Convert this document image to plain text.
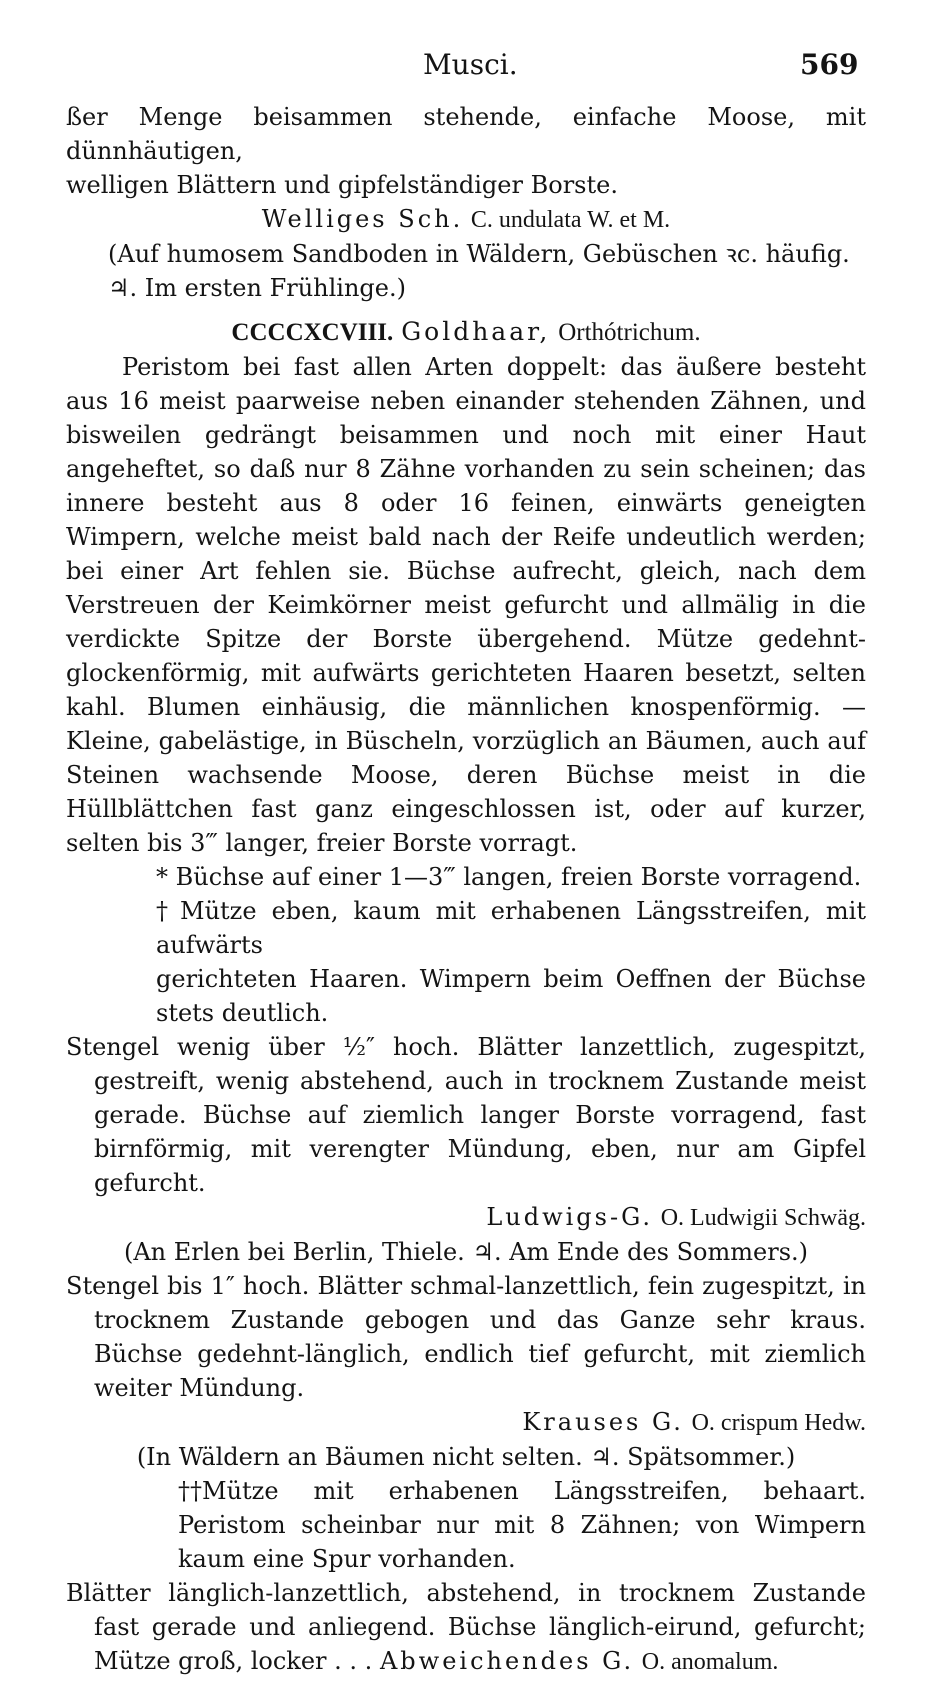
Musci.	569

ßer Menge beisammen stehende, einfache Moose, mit dünnhäutigen,

welligen Blättern und gipfelständiger Borste.

Welliges Sch. C. undulata W. et M.

(Auf humosem Sandboden in Wäldern, Gebüschen ꝛc. häufig.

♃. Im ersten Frühlinge.)

CCCCXCVIII. Goldhaar, Orthótrichum.

Peristom bei fast allen Arten doppelt: das äußere besteht aus 16 meist paarweise neben einander stehenden Zähnen, und bisweilen gedrängt beisammen und noch mit einer Haut angeheftet, so daß nur 8 Zähne vorhanden zu sein scheinen; das innere besteht aus 8 oder 16 feinen, einwärts geneigten Wimpern, welche meist bald nach der Reife undeutlich werden; bei einer Art fehlen sie. Büchse aufrecht, gleich, nach dem Verstreuen der Keimkörner meist gefurcht und allmälig in die verdickte Spitze der Borste übergehend. Mütze gedehnt-glockenförmig, mit aufwärts gerichteten Haaren besetzt, selten kahl. Blumen einhäusig, die männlichen knospenförmig. — Kleine, gabelästige, in Büscheln, vorzüglich an Bäumen, auch auf Steinen wachsende Moose, deren Büchse meist in die Hüllblättchen fast ganz eingeschlossen ist, oder auf kurzer, selten bis 3‴ langer, freier Borste vorragt.

* Büchse auf einer 1—3‴ langen, freien Borste vorragend.

† Mütze eben, kaum mit erhabenen Längsstreifen, mit aufwärts

gerichteten Haaren. Wimpern beim Oeffnen der Büchse stets deutlich.

Stengel wenig über ½″ hoch. Blätter lanzettlich, zugespitzt, gestreift, wenig abstehend, auch in trocknem Zustande meist gerade. Büchse auf ziemlich langer Borste vorragend, fast birnförmig, mit verengter Mündung, eben, nur am Gipfel gefurcht.

Ludwigs-G. O. Ludwigii Schwäg.

(An Erlen bei Berlin, Thiele. ♃. Am Ende des Sommers.)

Stengel bis 1″ hoch. Blätter schmal-lanzettlich, fein zugespitzt, in trocknem Zustande gebogen und das Ganze sehr kraus. Büchse gedehnt-länglich, endlich tief gefurcht, mit ziemlich weiter Mündung.

Krauses G. O. crispum Hedw.

(In Wäldern an Bäumen nicht selten. ♃. Spätsommer.)

††Mütze mit erhabenen Längsstreifen, behaart. Peristom scheinbar nur mit 8 Zähnen; von Wimpern kaum eine Spur vorhanden.

Blätter länglich-lanzettlich, abstehend, in trocknem Zustande fast gerade und anliegend. Büchse länglich-eirund, gefurcht; Mütze groß, locker . . . Abweichendes G. O. anomalum.
